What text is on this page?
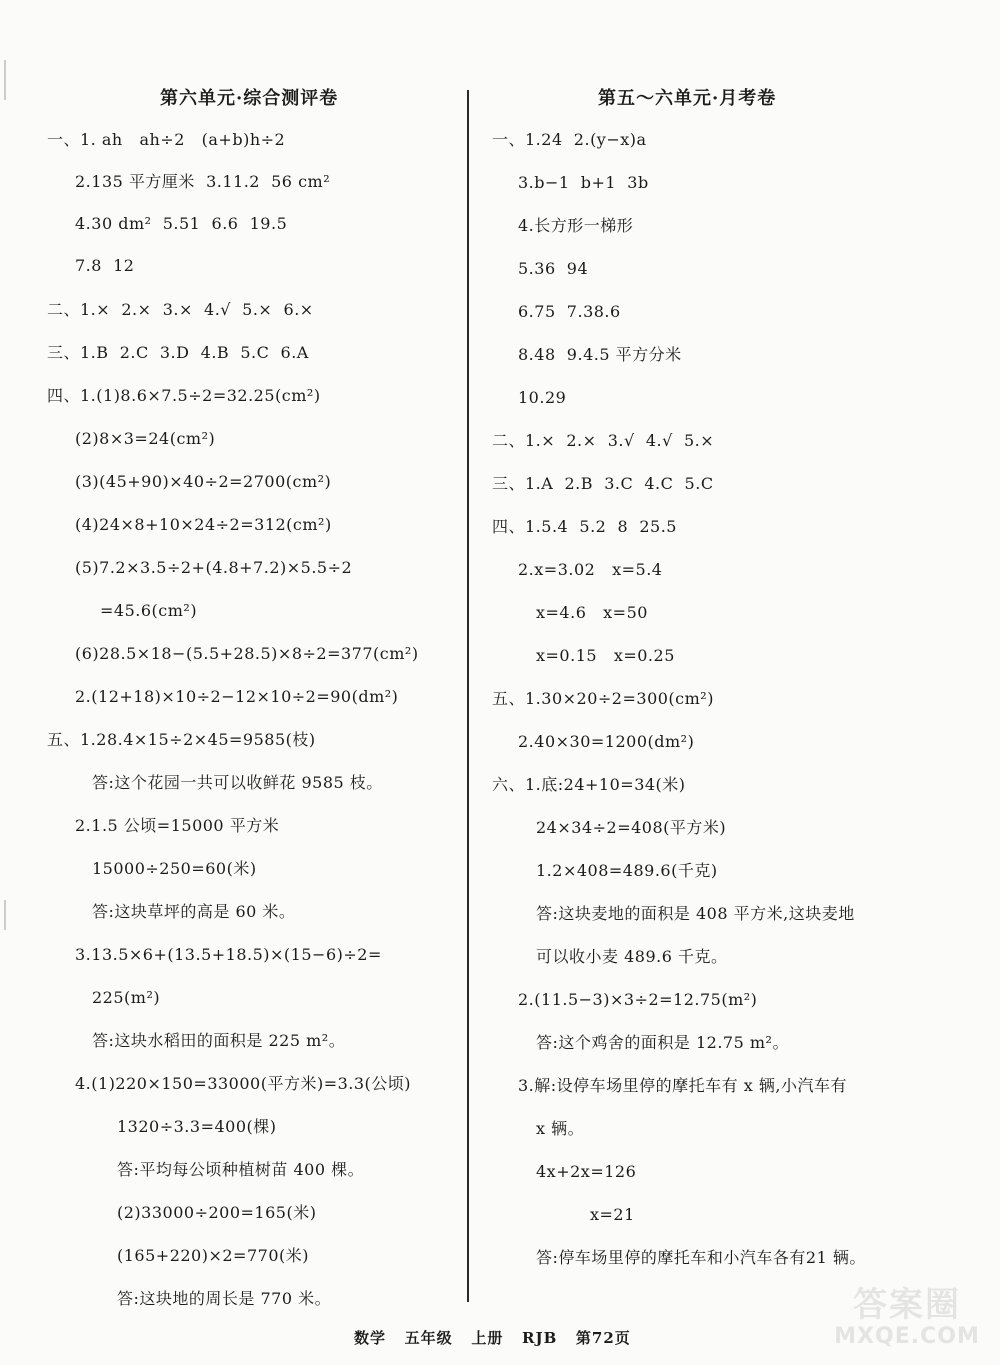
第六单元·综合测评卷
一、1. ah   ah÷2   (a+b)h÷2
2.135 平方厘米  3.11.2  56 cm²
4.30 dm²  5.51  6.6  19.5
7.8  12
二、1.×  2.×  3.×  4.√  5.×  6.×
三、1.B  2.C  3.D  4.B  5.C  6.A
四、1.(1)8.6×7.5÷2=32.25(cm²)
(2)8×3=24(cm²)
(3)(45+90)×40÷2=2700(cm²)
(4)24×8+10×24÷2=312(cm²)
(5)7.2×3.5÷2+(4.8+7.2)×5.5÷2
=45.6(cm²)
(6)28.5×18−(5.5+28.5)×8÷2=377(cm²)
2.(12+18)×10÷2−12×10÷2=90(dm²)
五、1.28.4×15÷2×45=9585(枝)
答:这个花园一共可以收鲜花 9585 枝。
2.1.5 公顷=15000 平方米
15000÷250=60(米)
答:这块草坪的高是 60 米。
3.13.5×6+(13.5+18.5)×(15−6)÷2=
225(m²)
答:这块水稻田的面积是 225 m²。
4.(1)220×150=33000(平方米)=3.3(公顷)
1320÷3.3=400(棵)
答:平均每公顷种植树苗 400 棵。
(2)33000÷200=165(米)
(165+220)×2=770(米)
答:这块地的周长是 770 米。
第五～六单元·月考卷
一、1.24  2.(y−x)a
3.b−1  b+1  3b
4.长方形一梯形
5.36  94
6.75  7.38.6
8.48  9.4.5 平方分米
10.29
二、1.×  2.×  3.√  4.√  5.×
三、1.A  2.B  3.C  4.C  5.C
四、1.5.4  5.2  8  25.5
2.x=3.02   x=5.4
x=4.6   x=50
x=0.15   x=0.25
五、1.30×20÷2=300(cm²)
2.40×30=1200(dm²)
六、1.底:24+10=34(米)
24×34÷2=408(平方米)
1.2×408=489.6(千克)
答:这块麦地的面积是 408 平方米,这块麦地
可以收小麦 489.6 千克。
2.(11.5−3)×3÷2=12.75(m²)
答:这个鸡舍的面积是 12.75 m²。
3.解:设停车场里停的摩托车有 x 辆,小汽车有
x 辆。
4x+2x=126
x=21
答:停车场里停的摩托车和小汽车各有21 辆。
数学   五年级   上册   RJB   第72页
答案圈
MXQE.COM
